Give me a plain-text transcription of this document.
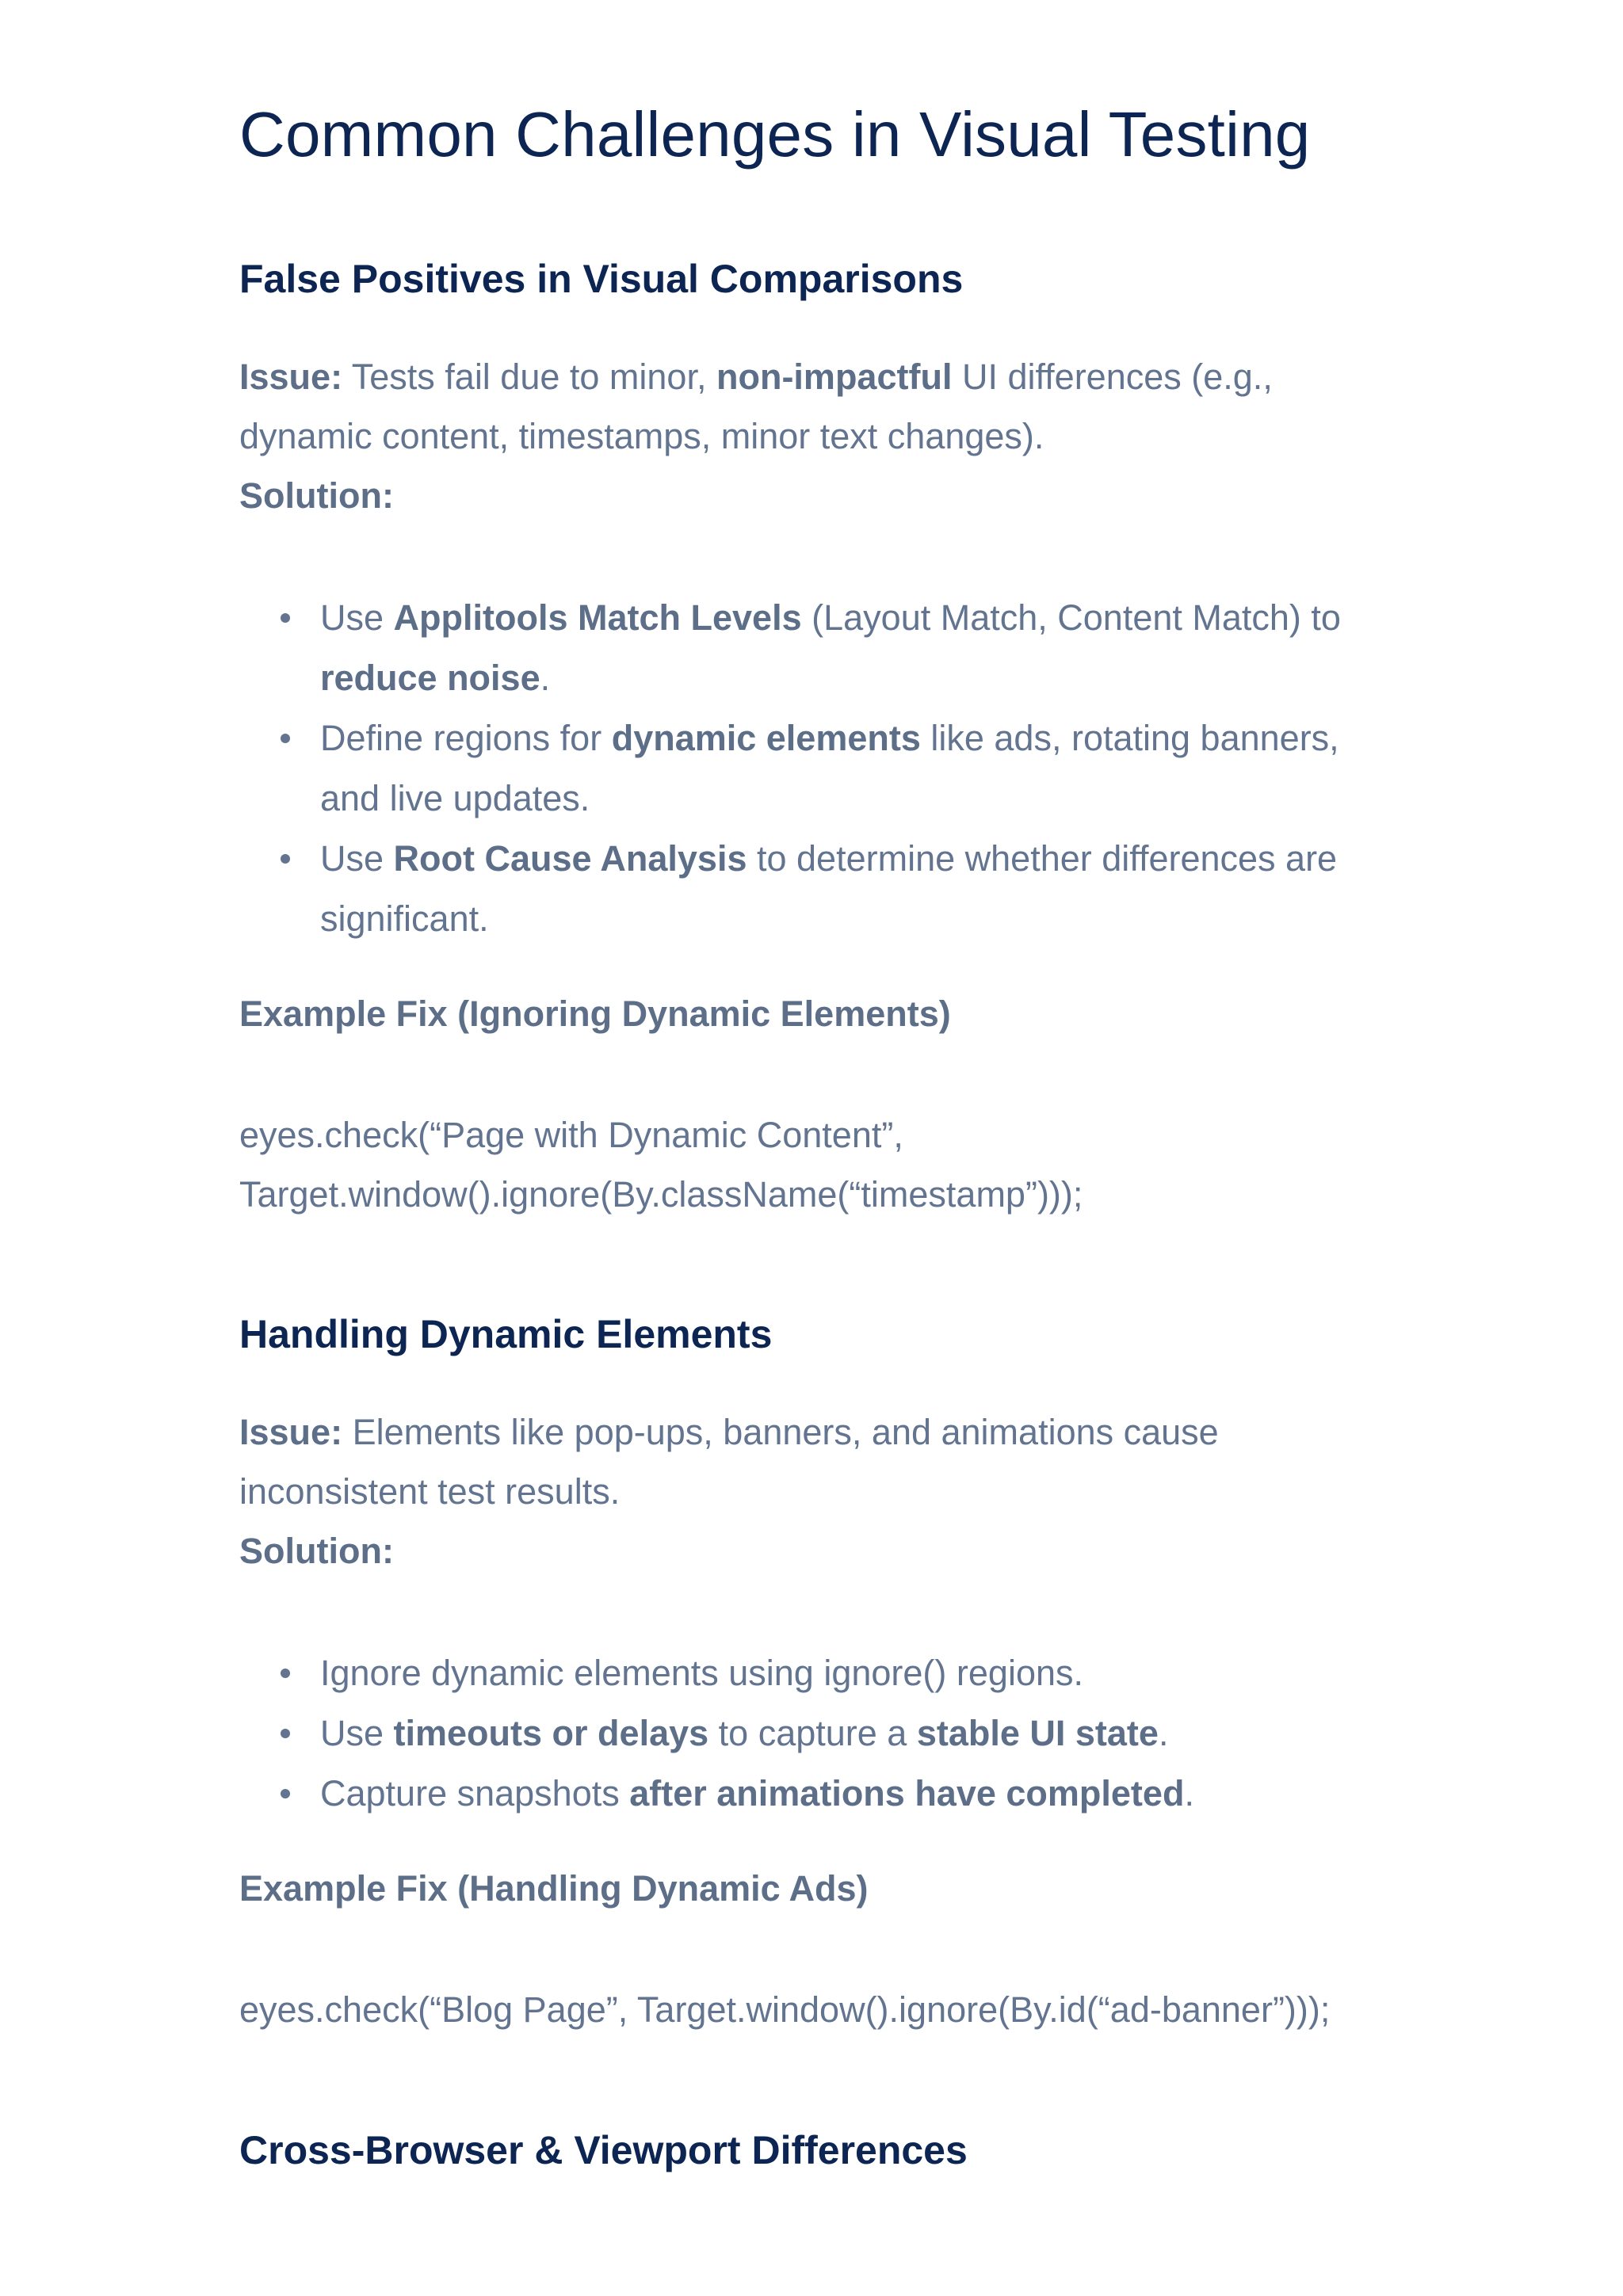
Common Challenges in Visual Testing
False Positives in Visual Comparisons

Issue: Tests fail due to minor, non-impactful UI differences (e.g.,
dynamic content, timestamps, minor text changes).
Solution:

Use Applitools Match Levels (Layout Match, Content Match) to
reduce noise.
Define regions for dynamic elements like ads, rotating banners,
and live updates.
Use Root Cause Analysis to determine whether differences are
significant.

Example Fix (Ignoring Dynamic Elements)

eyes.check(“Page with Dynamic Content”,

Target.window().ignore(By.className(“timestamp”)));

Handling Dynamic Elements

Issue: Elements like pop-ups, banners, and animations cause
inconsistent test results.
Solution:

Ignore dynamic elements using ignore() regions.
Use timeouts or delays to capture a stable UI state.
Capture snapshots after animations have completed.

Example Fix (Handling Dynamic Ads)

eyes.check(“Blog Page”, Target.window().ignore(By.id(“ad-banner”)));

Cross-Browser & Viewport Differences
